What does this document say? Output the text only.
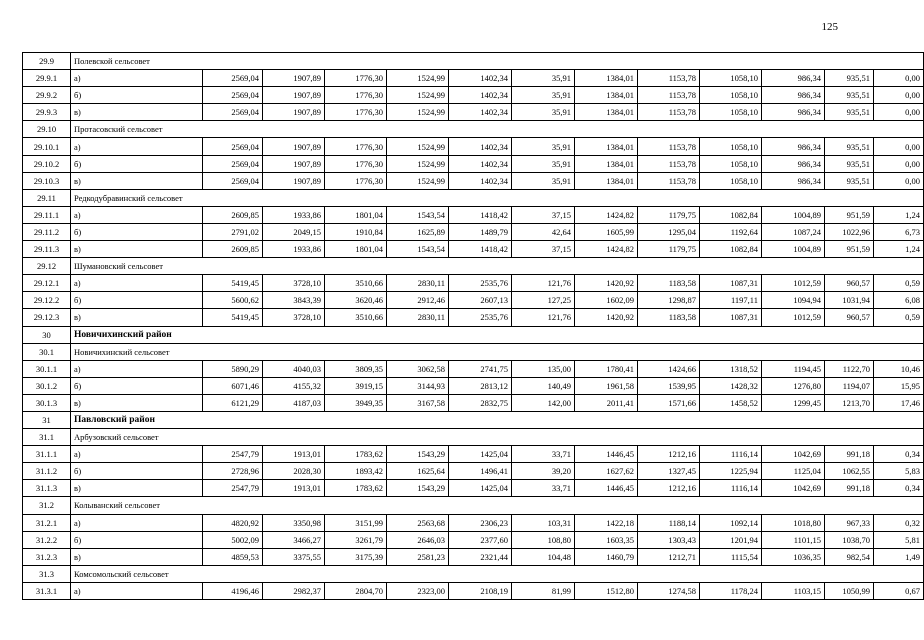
125
29.9	Полевской сельсовет												
29.9.1	а)	2569,04	1907,89	1776,30	1524,99	1402,34	35,91	1384,01	1153,78	1058,10	986,34	935,51	0,00
29.9.2	б)	2569,04	1907,89	1776,30	1524,99	1402,34	35,91	1384,01	1153,78	1058,10	986,34	935,51	0,00
29.9.3	в)	2569,04	1907,89	1776,30	1524,99	1402,34	35,91	1384,01	1153,78	1058,10	986,34	935,51	0,00
29.10	Протасовский сельсовет												
29.10.1	а)	2569,04	1907,89	1776,30	1524,99	1402,34	35,91	1384,01	1153,78	1058,10	986,34	935,51	0,00
29.10.2	б)	2569,04	1907,89	1776,30	1524,99	1402,34	35,91	1384,01	1153,78	1058,10	986,34	935,51	0,00
29.10.3	в)	2569,04	1907,89	1776,30	1524,99	1402,34	35,91	1384,01	1153,78	1058,10	986,34	935,51	0,00
29.11	Редкодубравинский сельсовет												
29.11.1	а)	2609,85	1933,86	1801,04	1543,54	1418,42	37,15	1424,82	1179,75	1082,84	1004,89	951,59	1,24
29.11.2	б)	2791,02	2049,15	1910,84	1625,89	1489,79	42,64	1605,99	1295,04	1192,64	1087,24	1022,96	6,73
29.11.3	в)	2609,85	1933,86	1801,04	1543,54	1418,42	37,15	1424,82	1179,75	1082,84	1004,89	951,59	1,24
29.12	Шумановский сельсовет												
29.12.1	а)	5419,45	3728,10	3510,66	2830,11	2535,76	121,76	1420,92	1183,58	1087,31	1012,59	960,57	0,59
29.12.2	б)	5600,62	3843,39	3620,46	2912,46	2607,13	127,25	1602,09	1298,87	1197,11	1094,94	1031,94	6,08
29.12.3	в)	5419,45	3728,10	3510,66	2830,11	2535,76	121,76	1420,92	1183,58	1087,31	1012,59	960,57	0,59
30	Новичихинский район												
30.1	Новичихинский сельсовет												
30.1.1	а)	5890,29	4040,03	3809,35	3062,58	2741,75	135,00	1780,41	1424,66	1318,52	1194,45	1122,70	10,46
30.1.2	б)	6071,46	4155,32	3919,15	3144,93	2813,12	140,49	1961,58	1539,95	1428,32	1276,80	1194,07	15,95
30.1.3	в)	6121,29	4187,03	3949,35	3167,58	2832,75	142,00	2011,41	1571,66	1458,52	1299,45	1213,70	17,46
31	Павловский район												
31.1	Арбузовский сельсовет												
31.1.1	а)	2547,79	1913,01	1783,62	1543,29	1425,04	33,71	1446,45	1212,16	1116,14	1042,69	991,18	0,34
31.1.2	б)	2728,96	2028,30	1893,42	1625,64	1496,41	39,20	1627,62	1327,45	1225,94	1125,04	1062,55	5,83
31.1.3	в)	2547,79	1913,01	1783,62	1543,29	1425,04	33,71	1446,45	1212,16	1116,14	1042,69	991,18	0,34
31.2	Колыванский сельсовет												
31.2.1	а)	4820,92	3350,98	3151,99	2563,68	2306,23	103,31	1422,18	1188,14	1092,14	1018,80	967,33	0,32
31.2.2	б)	5002,09	3466,27	3261,79	2646,03	2377,60	108,80	1603,35	1303,43	1201,94	1101,15	1038,70	5,81
31.2.3	в)	4859,53	3375,55	3175,39	2581,23	2321,44	104,48	1460,79	1212,71	1115,54	1036,35	982,54	1,49
31.3	Комсомольский сельсовет												
31.3.1	а)	4196,46	2982,37	2804,70	2323,00	2108,19	81,99	1512,80	1274,58	1178,24	1103,15	1050,99	0,67
